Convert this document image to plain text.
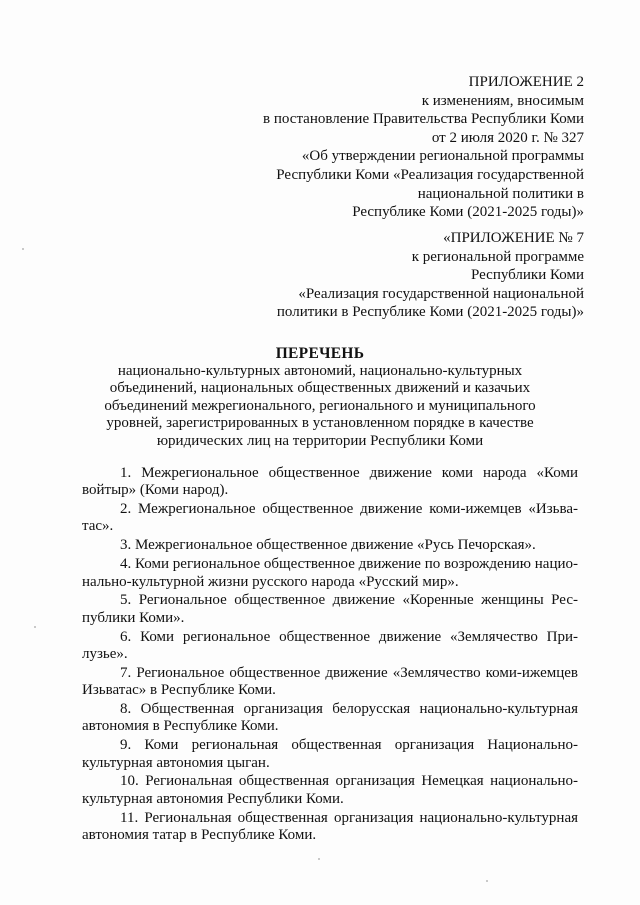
ПРИЛОЖЕНИЕ 2
к изменениям, вносимым
в постановление Правительства Республики Коми
от 2 июля 2020 г. № 327
«Об утверждении региональной программы
Республики Коми «Реализация государственной
национальной политики в
Республике Коми (2021-2025 годы)»
«ПРИЛОЖЕНИЕ № 7
к региональной программе
Республики Коми
«Реализация государственной национальной
политики в Республике Коми (2021-2025 годы)»
ПЕРЕЧЕНЬ
национально-культурных автономий, национально-культурных
объединений, национальных общественных движений и казачьих
объединений межрегионального, регионального и муниципального
уровней, зарегистрированных в установленном порядке в качестве
юридических лиц на территории Республики Коми
1. Межрегиональное общественное движение коми народа «Коми
войтыр» (Коми народ).
2. Межрегиональное общественное движение коми-ижемцев «Изьва-
тас».
3. Межрегиональное общественное движение «Русь Печорская».
4. Коми региональное общественное движение по возрождению нацио-
нально-культурной жизни русского народа «Русский мир».
5. Региональное общественное движение «Коренные женщины Рес-
публики Коми».
6. Коми региональное общественное движение «Землячество При-
лузье».
7. Региональное общественное движение «Землячество коми-ижемцев
Изьватас» в Республике Коми.
8. Общественная организация белорусская национально-культурная
автономия в Республике Коми.
9. Коми региональная общественная организация Национально-
культурная автономия цыган.
10. Региональная общественная организация Немецкая национально-
культурная автономия Республики Коми.
11. Региональная общественная организация национально-культурная
автономия татар в Республике Коми.
